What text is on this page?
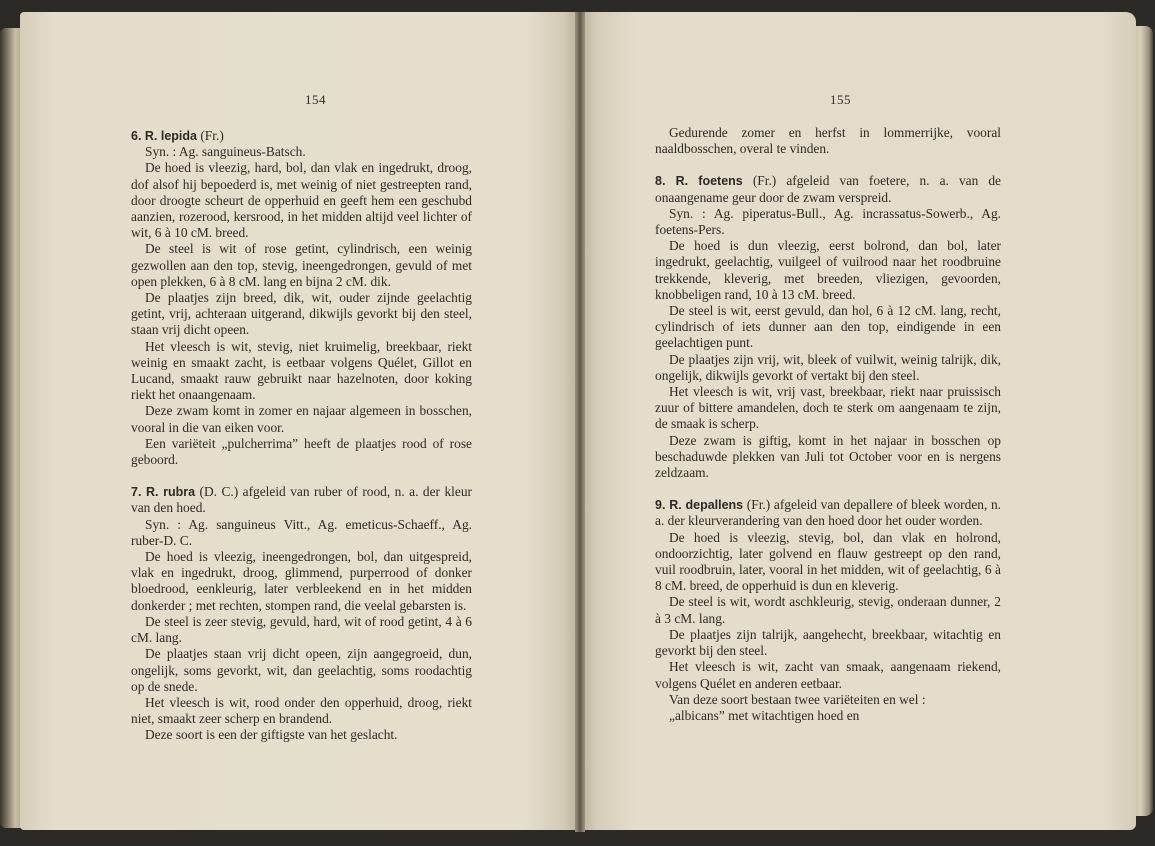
154	155

6. R. lepida (Fr.)

Syn. : Ag. sanguineus-Batsch.

De hoed is vleezig, hard, bol, dan vlak en ingedrukt, droog, dof alsof hij bepoederd is, met weinig of niet gestreepten rand, door droogte scheurt de opperhuid en geeft hem een geschubd aanzien, rozerood, kersrood, in het midden altijd veel lichter of wit, 6 à 10 cM. breed.

De steel is wit of rose getint, cylindrisch, een weinig gezwollen aan den top, stevig, ineengedrongen, gevuld of met open plekken, 6 à 8 cM. lang en bijna 2 cM. dik.

De plaatjes zijn breed, dik, wit, ouder zijnde geelachtig getint, vrij, achteraan uitgerand, dikwijls gevorkt bij den steel, staan vrij dicht opeen.

Het vleesch is wit, stevig, niet kruimelig, breekbaar, riekt weinig en smaakt zacht, is eetbaar volgens Quélet, Gillot en Lucand, smaakt rauw gebruikt naar hazelnoten, door koking riekt het onaangenaam.

Deze zwam komt in zomer en najaar algemeen in bosschen, vooral in die van eiken voor.

Een variëteit „pulcherrima” heeft de plaatjes rood of rose geboord.

7. R. rubra (D. C.) afgeleid van ruber of rood, n. a. der kleur van den hoed.

Syn. : Ag. sanguineus Vitt., Ag. emeticus-Schaeff., Ag. ruber-D. C.

De hoed is vleezig, ineengedrongen, bol, dan uitgespreid, vlak en ingedrukt, droog, glimmend, purperrood of donker bloedrood, eenkleurig, later verbleekend en in het midden donkerder ; met rechten, stompen rand, die veelal gebarsten is.

De steel is zeer stevig, gevuld, hard, wit of rood getint, 4 à 6 cM. lang.

De plaatjes staan vrij dicht opeen, zijn aangegroeid, dun, ongelijk, soms gevorkt, wit, dan geelachtig, soms roodachtig op de snede.

Het vleesch is wit, rood onder den opperhuid, droog, riekt niet, smaakt zeer scherp en brandend.

Deze soort is een der giftigste van het geslacht.

Gedurende zomer en herfst in lommerrijke, vooral naaldbosschen, overal te vinden.

8. R. foetens (Fr.) afgeleid van foetere, n. a. van de onaangename geur door de zwam verspreid.

Syn. : Ag. piperatus-Bull., Ag. incrassatus-Sowerb., Ag. foetens-Pers.

De hoed is dun vleezig, eerst bolrond, dan bol, later ingedrukt, geelachtig, vuilgeel of vuilrood naar het roodbruine trekkende, kleverig, met breeden, vliezigen, gevoorden, knobbeligen rand, 10 à 13 cM. breed.

De steel is wit, eerst gevuld, dan hol, 6 à 12 cM. lang, recht, cylindrisch of iets dunner aan den top, eindigende in een geelachtigen punt.

De plaatjes zijn vrij, wit, bleek of vuilwit, weinig talrijk, dik, ongelijk, dikwijls gevorkt of vertakt bij den steel.

Het vleesch is wit, vrij vast, breekbaar, riekt naar pruissisch zuur of bittere amandelen, doch te sterk om aangenaam te zijn, de smaak is scherp.

Deze zwam is giftig, komt in het najaar in bosschen op beschaduwde plekken van Juli tot October voor en is nergens zeldzaam.

9. R. depallens (Fr.) afgeleid van depallere of bleek worden, n. a. der kleurverandering van den hoed door het ouder worden.

De hoed is vleezig, stevig, bol, dan vlak en holrond, ondoorzichtig, later golvend en flauw gestreept op den rand, vuil roodbruin, later, vooral in het midden, wit of geelachtig, 6 à 8 cM. breed, de opperhuid is dun en kleverig.

De steel is wit, wordt aschkleurig, stevig, onderaan dunner, 2 à 3 cM. lang.

De plaatjes zijn talrijk, aangehecht, breekbaar, witachtig en gevorkt bij den steel.

Het vleesch is wit, zacht van smaak, aangenaam riekend, volgens Quélet en anderen eetbaar.

Van deze soort bestaan twee variëteiten en wel :

„albicans” met witachtigen hoed en
